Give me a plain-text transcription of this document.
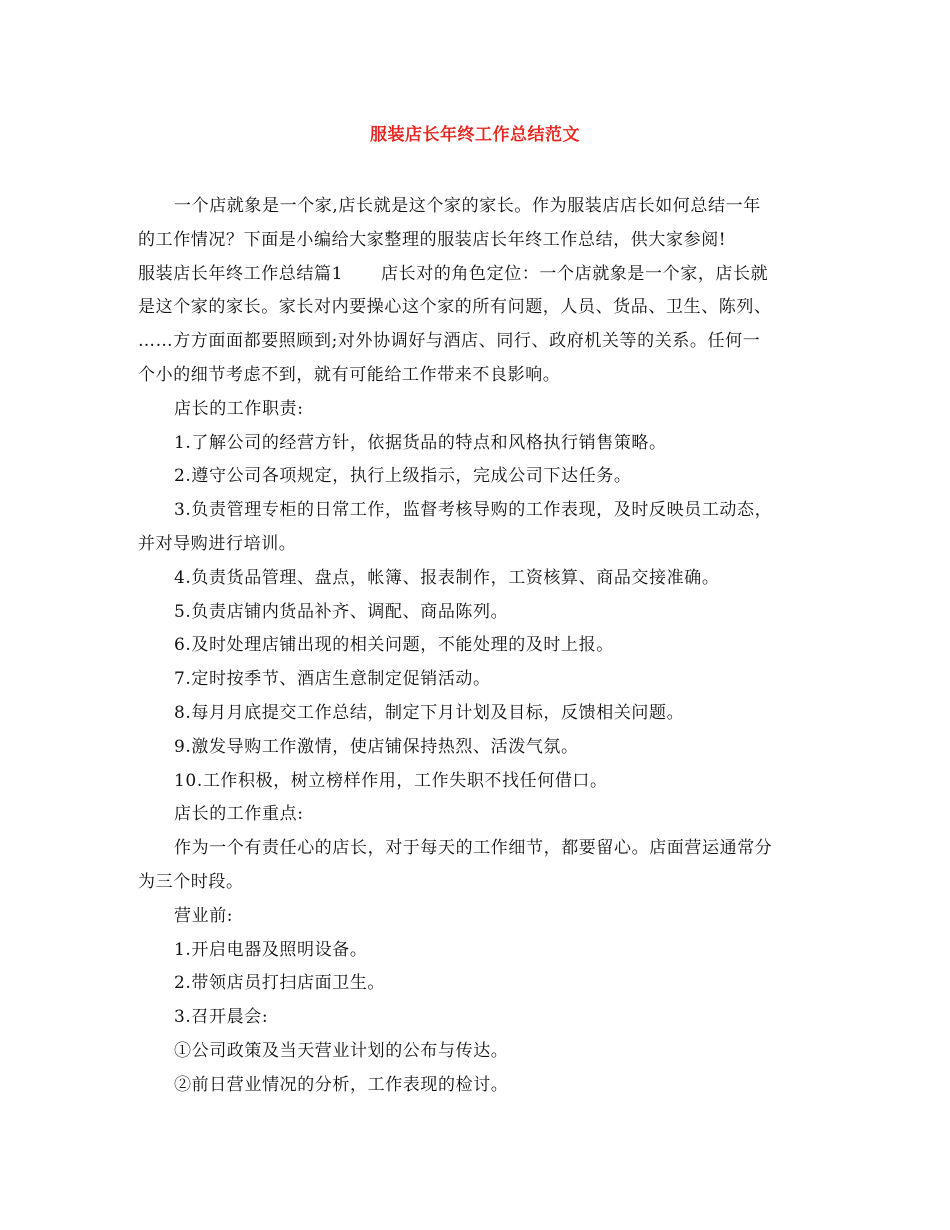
服装店长年终工作总结范文
一个店就象是一个家,店长就是这个家的家长。作为服装店店长如何总结一年
的工作情况？下面是小编给大家整理的服装店长年终工作总结，供大家参阅!
服装店长年终工作总结篇1 店长对的角色定位：一个店就象是一个家，店长就
是这个家的家长。家长对内要操心这个家的所有问题，人员、货品、卫生、陈列、
……方方面面都要照顾到;对外协调好与酒店、同行、政府机关等的关系。任何一
个小的细节考虑不到，就有可能给工作带来不良影响。
店长的工作职责:
1.了解公司的经营方针，依据货品的特点和风格执行销售策略。
2.遵守公司各项规定，执行上级指示，完成公司下达任务。
3.负责管理专柜的日常工作，监督考核导购的工作表现，及时反映员工动态，
并对导购进行培训。
4.负责货品管理、盘点，帐簿、报表制作，工资核算、商品交接准确。
5.负责店铺内货品补齐、调配、商品陈列。
6.及时处理店铺出现的相关问题，不能处理的及时上报。
7.定时按季节、酒店生意制定促销活动。
8.每月月底提交工作总结，制定下月计划及目标，反馈相关问题。
9.激发导购工作激情，使店铺保持热烈、活泼气氛。
10.工作积极，树立榜样作用，工作失职不找任何借口。
店长的工作重点:
作为一个有责任心的店长，对于每天的工作细节，都要留心。店面营运通常分
为三个时段。
营业前:
1.开启电器及照明设备。
2.带领店员打扫店面卫生。
3.召开晨会:
①公司政策及当天营业计划的公布与传达。
②前日营业情况的分析，工作表现的检讨。
